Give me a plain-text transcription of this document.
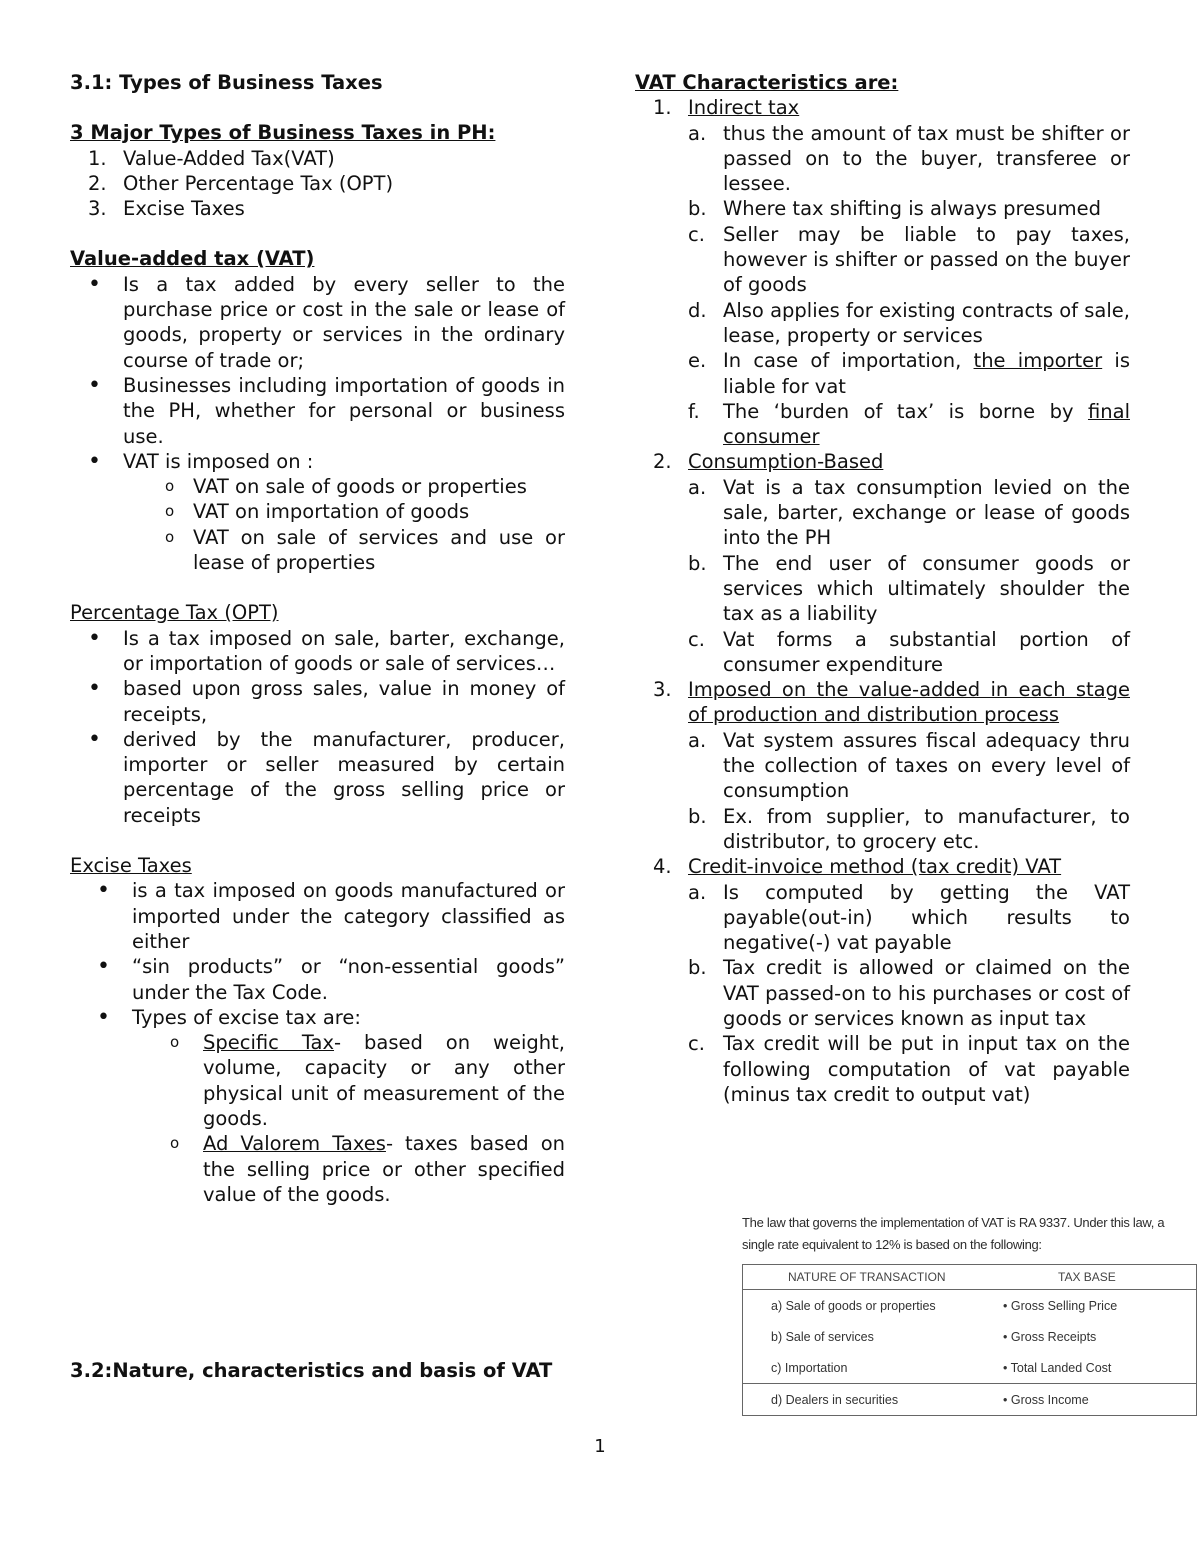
3.1: Types of Business Taxes
3 Major Types of Business Taxes in PH:
1. Value-Added Tax(VAT)
2. Other Percentage Tax (OPT)
3. Excise Taxes
Value-added tax (VAT)
• Is a tax added by every seller to the purchase price or cost in the sale or lease of goods, property or services in the ordinary course of trade or;
• Businesses including importation of goods in the PH, whether for personal or business use.
• VAT is imposed on :
o VAT on sale of goods or properties
o VAT on importation of goods
o VAT on sale of services and use or lease of properties
Percentage Tax (OPT)
• Is a tax imposed on sale, barter, exchange, or importation of goods or sale of services…
• based upon gross sales, value in money of receipts,
• derived by the manufacturer, producer, importer or seller measured by certain percentage of the gross selling price or receipts
Excise Taxes
• is a tax imposed on goods manufactured or imported under the category classified as either
• “sin products” or “non-essential goods” under the Tax Code.
• Types of excise tax are:
o Specific Tax- based on weight, volume, capacity or any other physical unit of measurement of the goods.
o Ad Valorem Taxes- taxes based on the selling price or other specified value of the goods.
3.2:Nature, characteristics and basis of VAT
VAT Characteristics are:
1. Indirect tax
a. thus the amount of tax must be shifter or passed on to the buyer, transferee or lessee.
b. Where tax shifting is always presumed
c. Seller may be liable to pay taxes, however is shifter or passed on the buyer of goods
d. Also applies for existing contracts of sale, lease, property or services
e. In case of importation, the importer is liable for vat
f.	The ‘burden of tax’ is borne by final consumer
2. Consumption-Based
a. Vat is a tax consumption levied on the sale, barter, exchange or lease of goods into the PH
b. The end user of consumer goods or services which ultimately shoulder the tax as a liability
c. Vat forms a substantial portion of consumer expenditure
3. Imposed on the value-added in each stage of production and distribution process
a. Vat system assures fiscal adequacy thru the collection of taxes on every level of consumption
b. Ex. from supplier, to manufacturer, to distributor, to grocery etc.
4. Credit-invoice method (tax credit) VAT
a. Is computed by getting the VAT payable(out-in) which results to negative(-) vat payable
b. Tax credit is allowed or claimed on the VAT passed-on to his purchases or cost of goods or services known as input tax
c. Tax credit will be put in input tax on the following computation of vat payable (minus tax credit to output vat)
The law that governs the implementation of VAT is RA 9337. Under this law, a single rate equivalent to 12% is based on the following:
NATURE OF TRANSACTION	TAX BASE
a) Sale of goods or properties	• Gross Selling Price
b) Sale of services	• Gross Receipts
c) Importation	• Total Landed Cost
d) Dealers in securities	• Gross Income
1
